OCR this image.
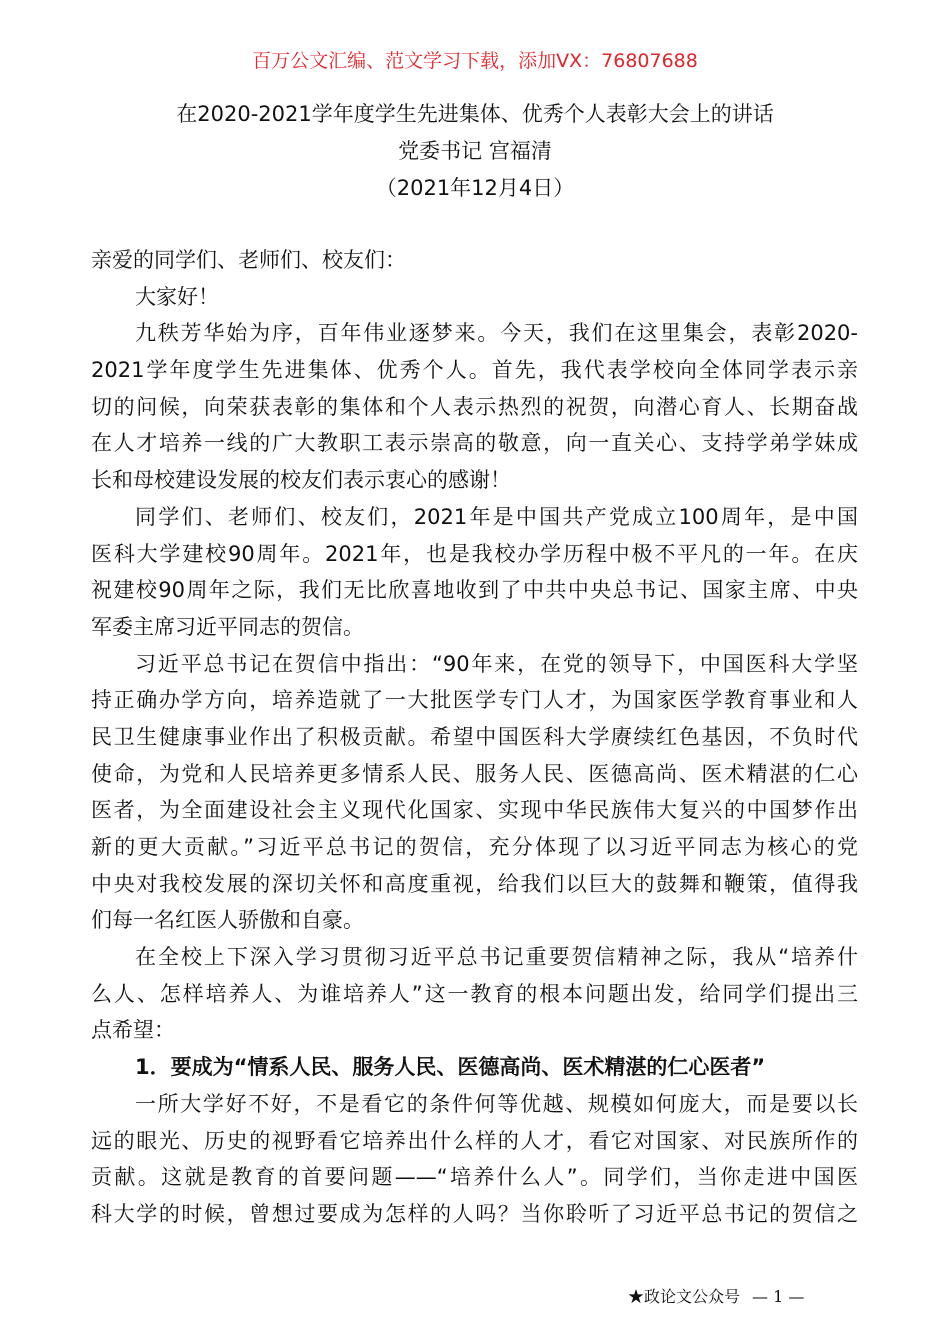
百万公文汇编、范文学习下载，添加VX：76807688
在2020-2021学年度学生先进集体、优秀个人表彰大会上的讲话
党委书记 宫福清
（2021年12月4日）
亲爱的同学们、老师们、校友们：
大家好！
九秩芳华始为序，百年伟业逐梦来。今天，我们在这里集会，表彰2020-
2021学年度学生先进集体、优秀个人。首先，我代表学校向全体同学表示亲
切的问候，向荣获表彰的集体和个人表示热烈的祝贺，向潜心育人、长期奋战
在人才培养一线的广大教职工表示崇高的敬意，向一直关心、支持学弟学妹成
长和母校建设发展的校友们表示衷心的感谢！
同学们、老师们、校友们，2021年是中国共产党成立100周年，是中国
医科大学建校90周年。2021年，也是我校办学历程中极不平凡的一年。在庆
祝建校90周年之际，我们无比欣喜地收到了中共中央总书记、国家主席、中央
军委主席习近平同志的贺信。
习近平总书记在贺信中指出：“90年来，在党的领导下，中国医科大学坚
持正确办学方向，培养造就了一大批医学专门人才，为国家医学教育事业和人
民卫生健康事业作出了积极贡献。希望中国医科大学赓续红色基因，不负时代
使命，为党和人民培养更多情系人民、服务人民、医德高尚、医术精湛的仁心
医者，为全面建设社会主义现代化国家、实现中华民族伟大复兴的中国梦作出
新的更大贡献。”习近平总书记的贺信，充分体现了以习近平同志为核心的党
中央对我校发展的深切关怀和高度重视，给我们以巨大的鼓舞和鞭策，值得我
们每一名红医人骄傲和自豪。
在全校上下深入学习贯彻习近平总书记重要贺信精神之际，我从“培养什
么人、怎样培养人、为谁培养人”这一教育的根本问题出发，给同学们提出三
点希望：
1．要成为“情系人民、服务人民、医德高尚、医术精湛的仁心医者”
一所大学好不好，不是看它的条件何等优越、规模如何庞大，而是要以长
远的眼光、历史的视野看它培养出什么样的人才，看它对国家、对民族所作的
贡献。这就是教育的首要问题——“培养什么人”。同学们，当你走进中国医
科大学的时候，曾想过要成为怎样的人吗？当你聆听了习近平总书记的贺信之
★政论文公众号 — 1 —
